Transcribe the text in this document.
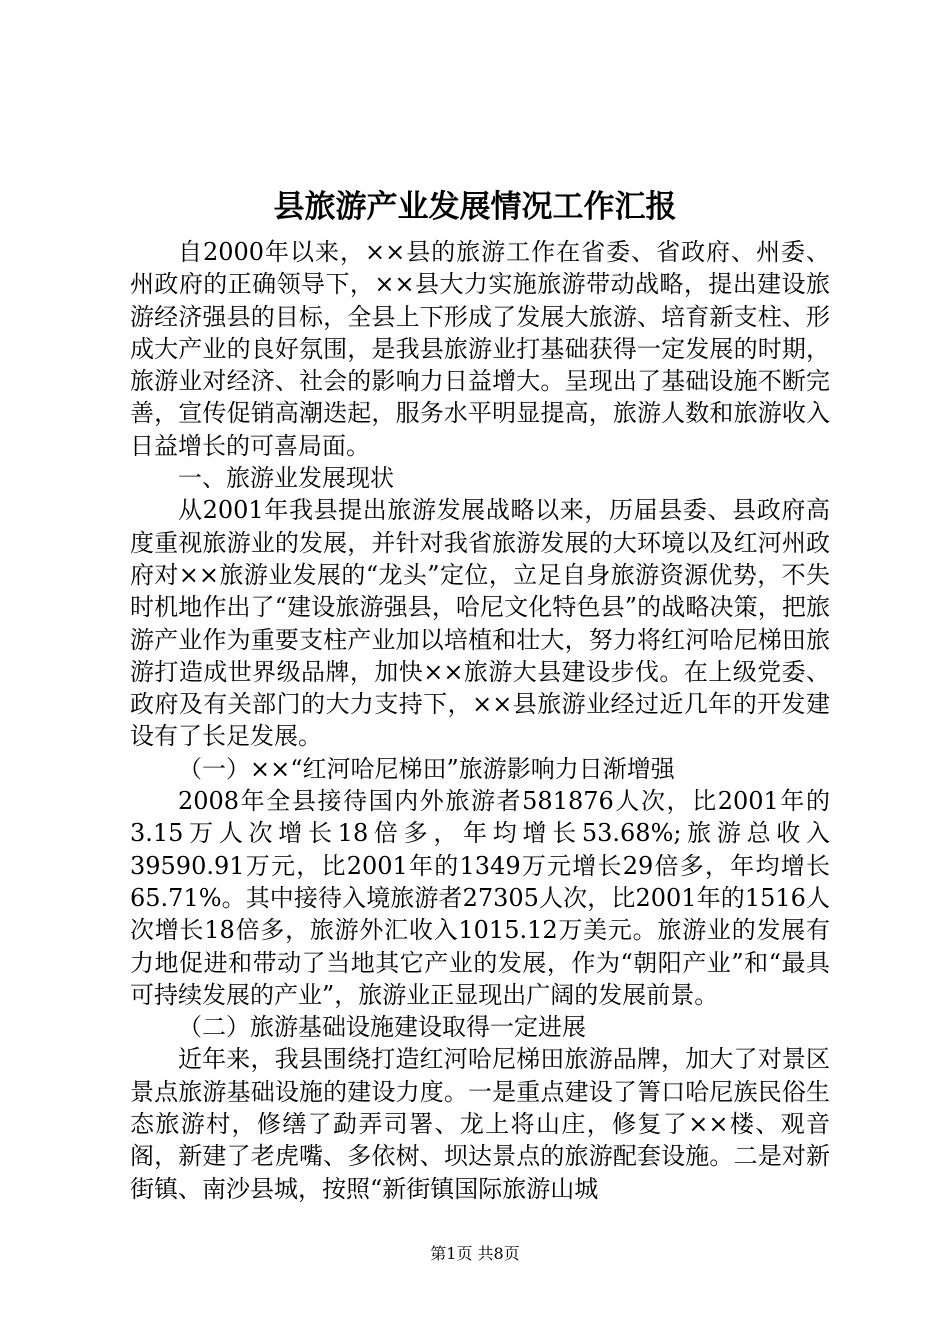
县旅游产业发展情况工作汇报

自2000年以来，××县的旅游工作在省委、省政府、州委、州政府的正确领导下，××县大力实施旅游带动战略，提出建设旅游经济强县的目标，全县上下形成了发展大旅游、培育新支柱、形成大产业的良好氛围，是我县旅游业打基础获得一定发展的时期，旅游业对经济、社会的影响力日益增大。呈现出了基础设施不断完善，宣传促销高潮迭起，服务水平明显提高，旅游人数和旅游收入日益增长的可喜局面。

一、旅游业发展现状

从2001年我县提出旅游发展战略以来，历届县委、县政府高度重视旅游业的发展，并针对我省旅游发展的大环境以及红河州政府对××旅游业发展的“龙头”定位，立足自身旅游资源优势，不失时机地作出了“建设旅游强县，哈尼文化特色县”的战略决策，把旅游产业作为重要支柱产业加以培植和壮大，努力将红河哈尼梯田旅游打造成世界级品牌，加快××旅游大县建设步伐。在上级党委、政府及有关部门的大力支持下，××县旅游业经过近几年的开发建设有了长足发展。

（一）××“红河哈尼梯田”旅游影响力日渐增强

2008年全县接待国内外旅游者581876人次，比2001年的3.15万人次增长18倍多，年均增长53.68%;旅游总收入39590.91万元，比2001年的1349万元增长29倍多，年均增长65.71%。其中接待入境旅游者27305人次，比2001年的1516人次增长18倍多，旅游外汇收入1015.12万美元。旅游业的发展有力地促进和带动了当地其它产业的发展，作为“朝阳产业”和“最具可持续发展的产业”，旅游业正显现出广阔的发展前景。

（二）旅游基础设施建设取得一定进展

近年来，我县围绕打造红河哈尼梯田旅游品牌，加大了对景区景点旅游基础设施的建设力度。一是重点建设了箐口哈尼族民俗生态旅游村，修缮了勐弄司署、龙上将山庄，修复了××楼、观音阁，新建了老虎嘴、多依树、坝达景点的旅游配套设施。二是对新街镇、南沙县城，按照“新街镇国际旅游山城

第1页 共8页
